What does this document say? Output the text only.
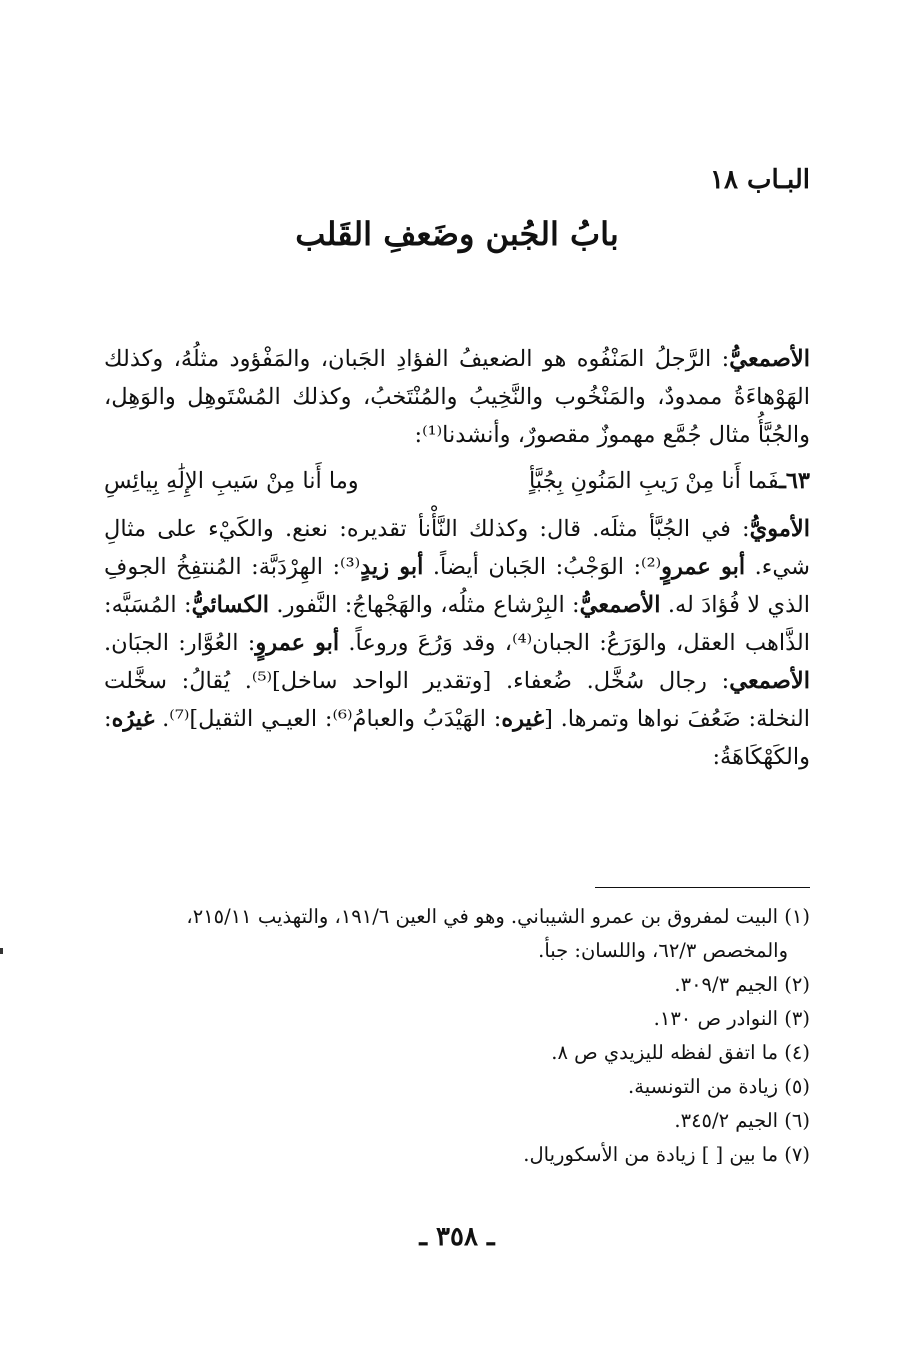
البـاب ١٨
بابُ الجُبن وضَعفِ القَلب

الأصمعيُّ: الرَّجلُ المَنْفُوه هو الضعيفُ الفؤادِ الجَبان، والمَفْؤود مثلُهُ، وكذلك الهَوْهاءَةُ ممدودٌ، والمَنْخُوب والنَّخِيبُ والمُنْتَخبُ، وكذلك المُسْتَوهِل والوَهِل، والجُبَّأُ مثال جُمَّع مهموزٌ مقصورٌ، وأنشدنا⁽¹⁾:

٦٣ـفَما أَنا مِنْ رَيبِ المَنُونِ بِجُبَّأٍ
وما أَنا مِنْ سَيبِ الإِلَٰهِ بِيائِسِ

الأمويُّ: في الجُبَّأ مثلَه. قال: وكذلك النَّأْنأ تقديره: نعنع. والكَيْء على مثالِ شيء. أبو عمروٍ⁽²⁾: الوَجْبُ: الجَبان أيضاً. أبو زيدٍ⁽³⁾: الهِرْدَبَّة: المُنتفِخُ الجوفِ الذي لا فُؤادَ له. الأصمعيُّ: البِرْشاع مثلُه، والهَجْهاجُ: النَّفور. الكسائيُّ: المُسَبَّه: الذَّاهب العقل، والوَرَعُ: الجبان⁽⁴⁾، وقد وَرُعَ وروعاً. أبو عمروٍ: العُوَّار: الجبَان. الأصمعي: رجال سُخَّل. ضُعفاء. [وتقدير الواحد ساخل]⁽⁵⁾. يُقالُ: سخَّلت النخلة: ضَعُفَ نواها وتمرها. [غيره: الهَيْدَبُ والعبامُ⁽⁶⁾: العيـي الثقيل]⁽⁷⁾. غيرُه: والكَهْكَاهَةُ:

(١) البيت لمفروق بن عمرو الشيباني. وهو في العين ١٩١/٦، والتهذيب ٢١٥/١١،

والمخصص ٦٢/٣، واللسان: جبأ.

(٢) الجيم ٣٠٩/٣.

(٣) النوادر ص ١٣٠.

(٤) ما اتفق لفظه لليزيدي ص ٨.

(٥) زيادة من التونسية.

(٦) الجيم ٣٤٥/٢.

(٧) ما بين [ ] زيادة من الأسكوريال.

ـ ٣٥٨ ـ
